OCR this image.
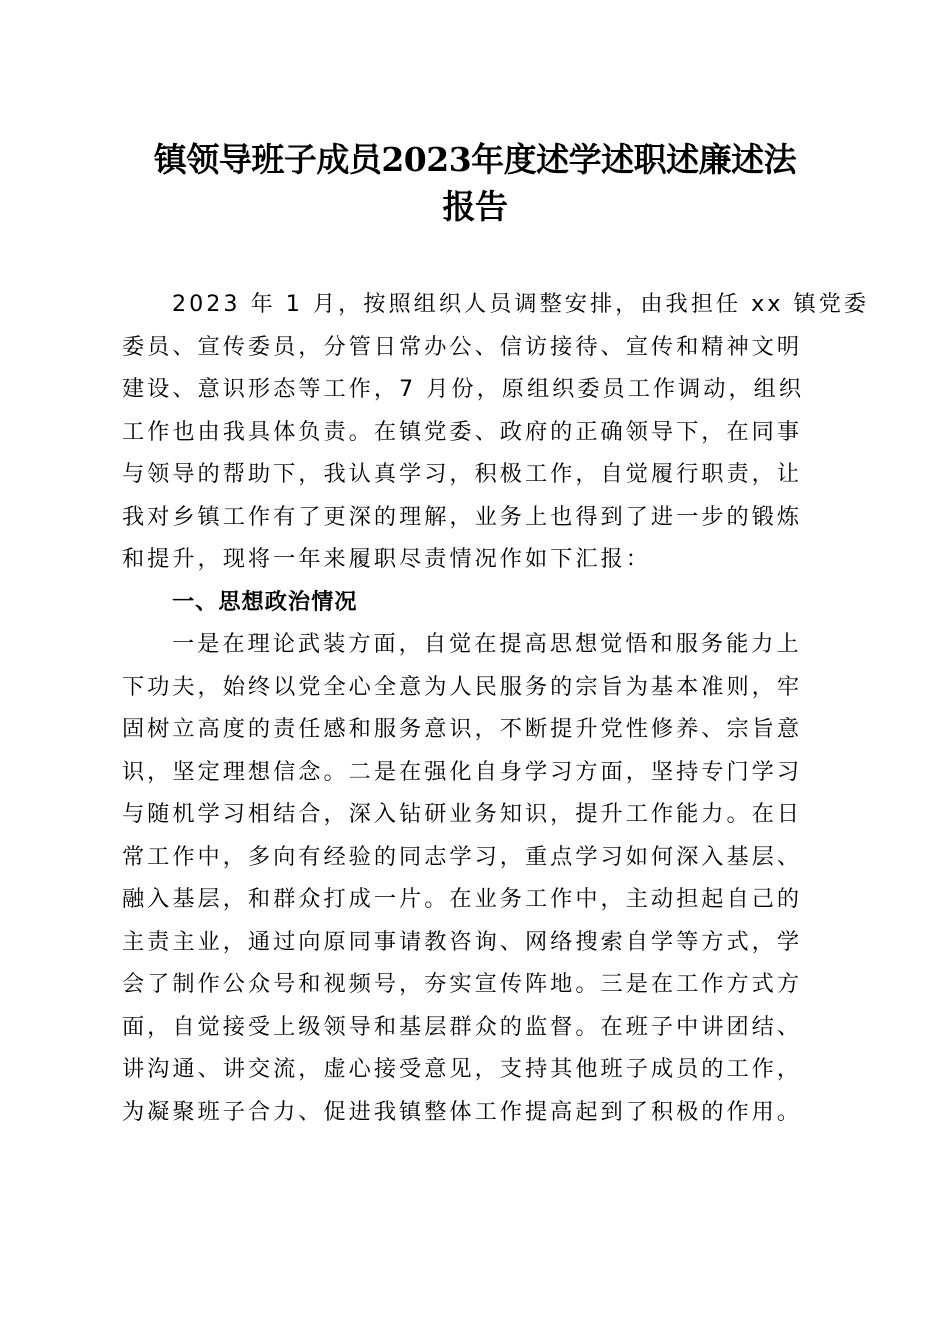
镇领导班子成员2023年度述学述职述廉述法
报告
2023 年 1 月，按照组织人员调整安排，由我担任 xx 镇党委
委员、宣传委员，分管日常办公、信访接待、宣传和精神文明
建设、意识形态等工作，7 月份，原组织委员工作调动，组织
工作也由我具体负责。在镇党委、政府的正确领导下，在同事
与领导的帮助下，我认真学习，积极工作，自觉履行职责，让
我对乡镇工作有了更深的理解，业务上也得到了进一步的锻炼
和提升，现将一年来履职尽责情况作如下汇报：
一、思想政治情况
一是在理论武装方面，自觉在提高思想觉悟和服务能力上
下功夫，始终以党全心全意为人民服务的宗旨为基本准则，牢
固树立高度的责任感和服务意识，不断提升党性修养、宗旨意
识，坚定理想信念。二是在强化自身学习方面，坚持专门学习
与随机学习相结合，深入钻研业务知识，提升工作能力。在日
常工作中，多向有经验的同志学习，重点学习如何深入基层、
融入基层，和群众打成一片。在业务工作中，主动担起自己的
主责主业，通过向原同事请教咨询、网络搜索自学等方式，学
会了制作公众号和视频号，夯实宣传阵地。三是在工作方式方
面，自觉接受上级领导和基层群众的监督。在班子中讲团结、
讲沟通、讲交流，虚心接受意见，支持其他班子成员的工作，
为凝聚班子合力、促进我镇整体工作提高起到了积极的作用。
